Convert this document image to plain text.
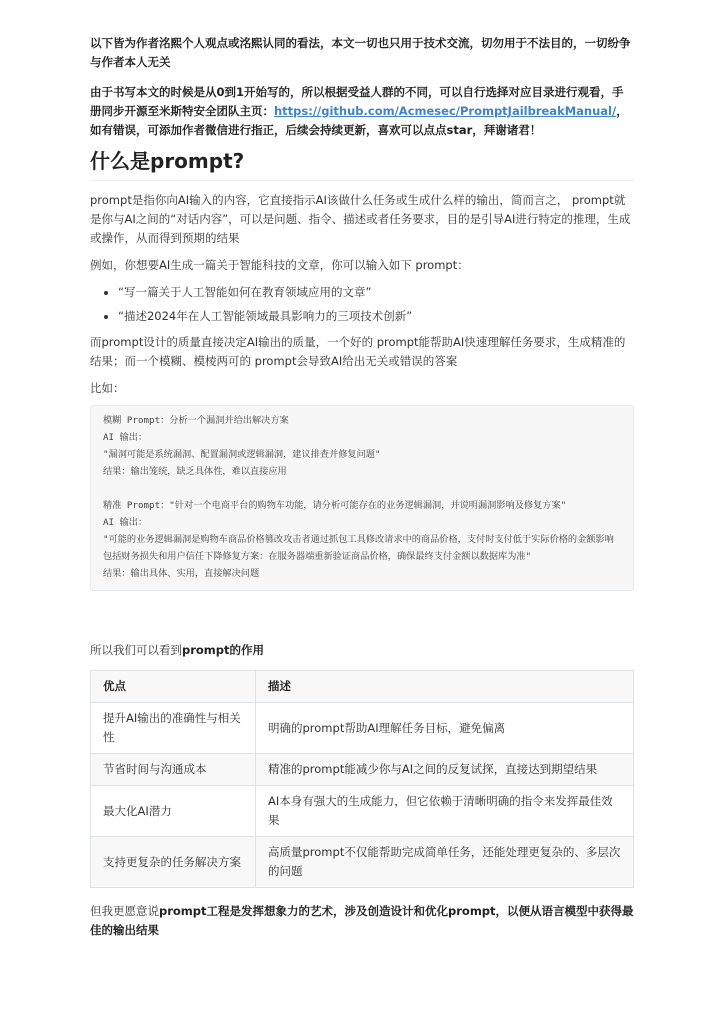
以下皆为作者洺熙个人观点或洺熙认同的看法，本文一切也只用于技术交流，切勿用于不法目的，一切纷争与作者本人无关

由于书写本文的时候是从0到1开始写的，所以根据受益人群的不同，可以自行选择对应目录进行观看，手册同步开源至米斯特安全团队主页：https://github.com/Acmesec/PromptJailbreakManual/，如有错误，可添加作者微信进行指正，后续会持续更新，喜欢可以点点star，拜谢诸君！

什么是prompt?

prompt是指你向AI输入的内容，它直接指示AI该做什么任务或生成什么样的输出，简而言之， prompt就是你与AI之间的“对话内容”，可以是问题、指令、描述或者任务要求，目的是引导AI进行特定的推理，生成或操作，从而得到预期的结果

例如，你想要AI生成一篇关于智能科技的文章，你可以输入如下 prompt：

• “写一篇关于人工智能如何在教育领域应用的文章”
• “描述2024年在人工智能领域最具影响力的三项技术创新”

而prompt设计的质量直接决定AI输出的质量，一个好的 prompt能帮助AI快速理解任务要求，生成精准的结果；而一个模糊、模棱两可的 prompt会导致AI给出无关或错误的答案

比如：

模糊 Prompt：分析一个漏洞并给出解决方案
AI 输出：
"漏洞可能是系统漏洞、配置漏洞或逻辑漏洞，建议排查并修复问题"
结果：输出笼统，缺乏具体性，难以直接应用
精准 Prompt："针对一个电商平台的购物车功能，请分析可能存在的业务逻辑漏洞，并说明漏洞影响及修复方案"
AI 输出：
"可能的业务逻辑漏洞是购物车商品价格篡改攻击者通过抓包工具修改请求中的商品价格，支付时支付低于实际价格的金额影响包括财务损失和用户信任下降修复方案：在服务器端重新验证商品价格，确保最终支付金额以数据库为准"
结果：输出具体、实用，直接解决问题

所以我们可以看到prompt的作用

优点	描述
提升AI输出的准确性与相关性	明确的prompt帮助AI理解任务目标，避免偏离
节省时间与沟通成本	精准的prompt能减少你与AI之间的反复试探，直接达到期望结果
最大化AI潜力	AI本身有强大的生成能力，但它依赖于清晰明确的指令来发挥最佳效果
支持更复杂的任务解决方案	高质量prompt不仅能帮助完成简单任务，还能处理更复杂的、多层次的问题

但我更愿意说prompt工程是发挥想象力的艺术，涉及创造设计和优化prompt，以便从语言模型中获得最佳的输出结果
